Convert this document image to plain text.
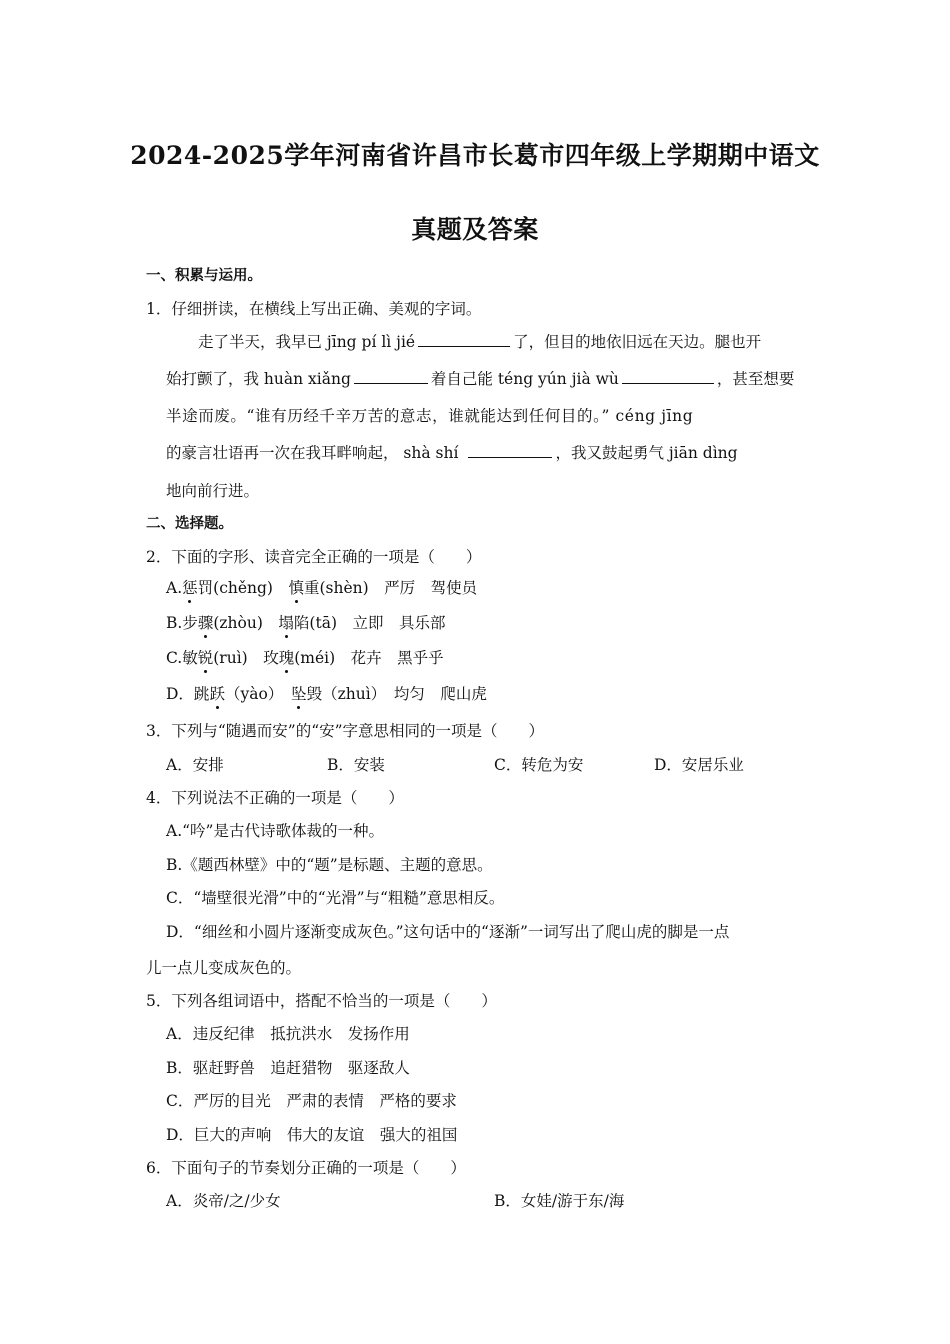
2024-2025学年河南省许昌市长葛市四年级上学期期中语文
真题及答案
一、积累与运用。
1．仔细拼读，在横线上写出正确、美观的字词。
走了半天，我早已 jīng pí lì jié	了，但目的地依旧远在天边。腿也开
始打颤了，我 huàn xiǎng	着自己能 téng yún jià wù	，甚至想要
半途而废。“谁有历经千辛万苦的意志，谁就能达到任何目的。” céng jīng
的豪言壮语再一次在我耳畔响起， shà shí	，我又鼓起勇气 jiān dìng
地向前行进。
二、选择题。
2．下面的字形、读音完全正确的一项是（　　）
A.惩罚(chěng)　慎重(shèn)　严厉　驾使员
B.步骤(zhòu)　塌陷(tā)　立即　具乐部
C.敏锐(ruì)　玫瑰(méi)　花卉　黑乎乎
D．跳跃（yào）　坠毁（zhuì）　均匀　爬山虎
3．下列与“随遇而安”的“安”字意思相同的一项是（　　）
A．安排	B．安装	C．转危为安	D．安居乐业
4．下列说法不正确的一项是（　　）
A.“吟”是古代诗歌体裁的一种。
B.《题西林壁》中的“题”是标题、主题的意思。
C．“墙壁很光滑”中的“光滑”与“粗糙”意思相反。
D．“细丝和小圆片逐渐变成灰色。”这句话中的“逐渐”一词写出了爬山虎的脚是一点
儿一点儿变成灰色的。
5．下列各组词语中，搭配不恰当的一项是（　　）
A．违反纪律　抵抗洪水　发扬作用
B．驱赶野兽　追赶猎物　驱逐敌人
C．严厉的目光　严肃的表情　严格的要求
D．巨大的声响　伟大的友谊　强大的祖国
6．下面句子的节奏划分正确的一项是（　　）
A．炎帝/之/少女	B．女娃/游于东/海
